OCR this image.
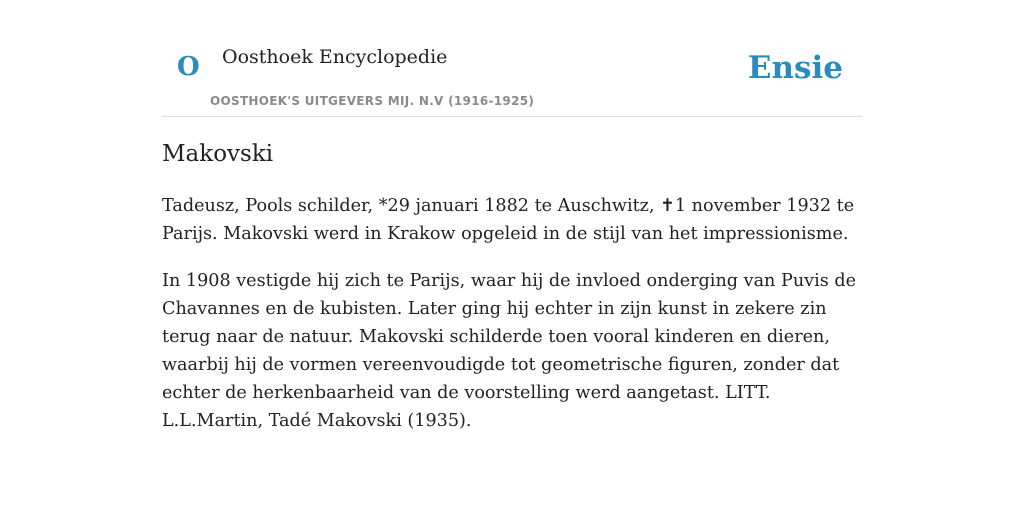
O Oosthoek Encyclopedie
OOSTHOEK'S UITGEVERS MIJ. N.V (1916-1925)
Ensie
Makovski

Tadeusz, Pools schilder, *29 januari 1882 te Auschwitz, ✝1 november 1932 te Parijs. Makovski werd in Krakow opgeleid in de stijl van het impressionisme.

In 1908 vestigde hij zich te Parijs, waar hij de invloed onderging van Puvis de Chavannes en de kubisten. Later ging hij echter in zijn kunst in zekere zin terug naar de natuur. Makovski schilderde toen vooral kinderen en dieren, waarbij hij de vormen vereenvoudigde tot geometrische figuren, zonder dat echter de herkenbaarheid van de voorstelling werd aangetast. LITT. L.L.Martin, Tadé Makovski (1935).
